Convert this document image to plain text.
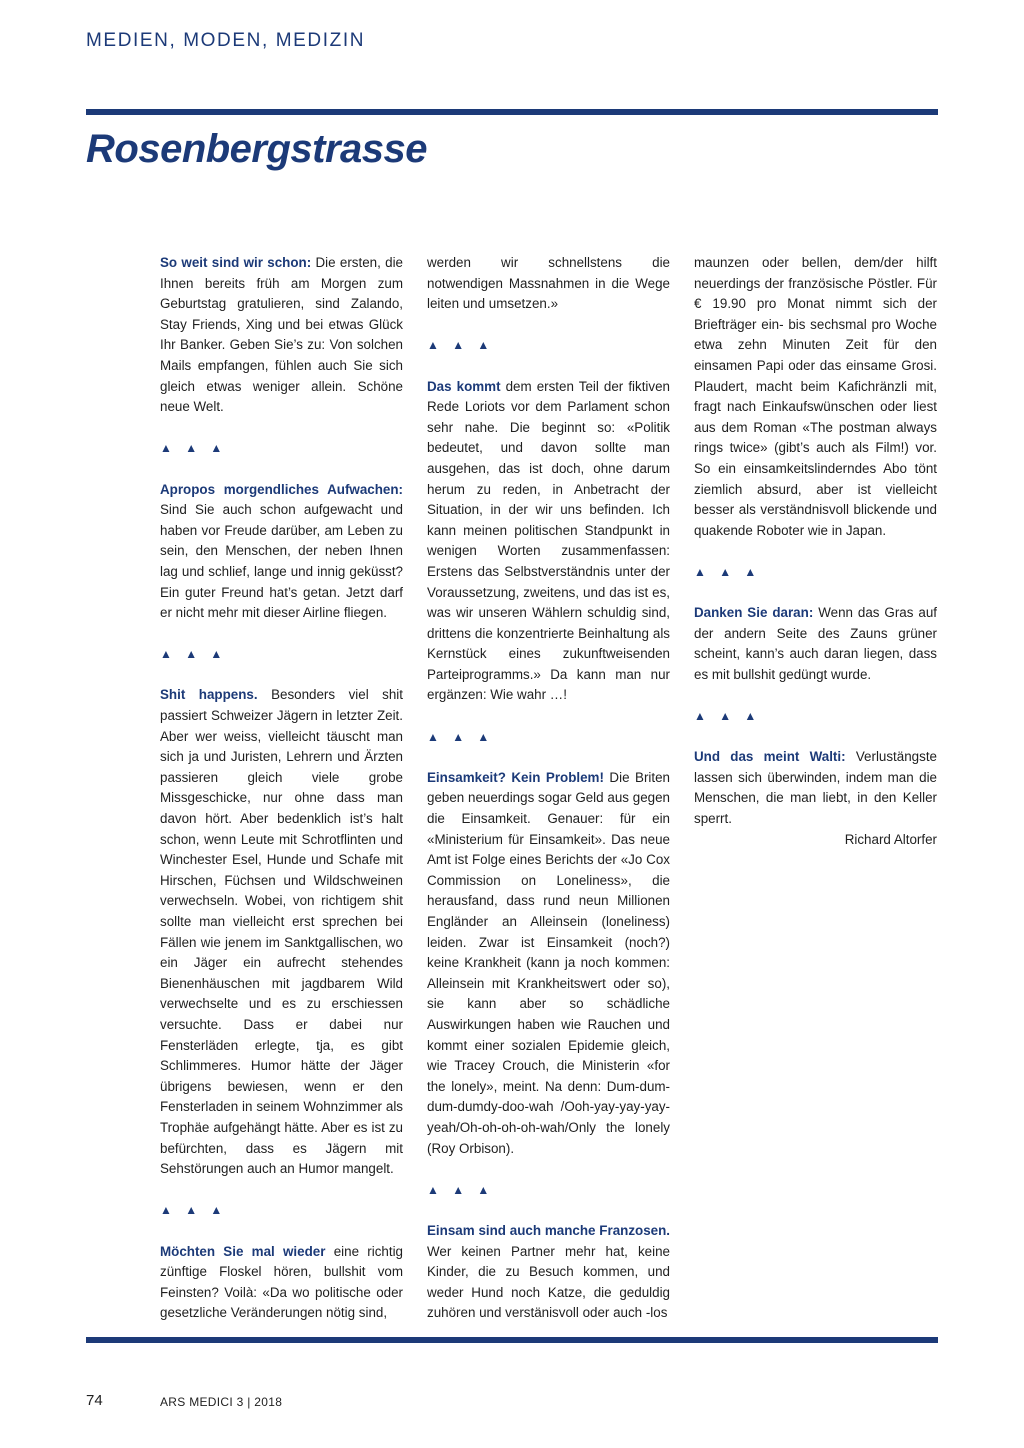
MEDIEN, MODEN, MEDIZIN
Rosenbergstrasse

So weit sind wir schon: Die ersten, die Ihnen bereits früh am Morgen zum Geburtstag gratulieren, sind Zalando, Stay Friends, Xing und bei etwas Glück Ihr Banker. Geben Sie’s zu: Von solchen Mails empfangen, fühlen auch Sie sich gleich etwas weniger allein. Schöne neue Welt.

▲ ▲ ▲

Apropos morgendliches Aufwachen: Sind Sie auch schon aufgewacht und haben vor Freude darüber, am Leben zu sein, den Menschen, der neben Ihnen lag und schlief, lange und innig geküsst? Ein guter Freund hat’s getan. Jetzt darf er nicht mehr mit dieser Airline fliegen.

▲ ▲ ▲

Shit happens. Besonders viel shit passiert Schweizer Jägern in letzter Zeit. Aber wer weiss, vielleicht täuscht man sich ja und Juristen, Lehrern und Ärzten passieren gleich viele grobe Missgeschicke, nur ohne dass man davon hört. Aber bedenklich ist’s halt schon, wenn Leute mit Schrotflinten und Winchester Esel, Hunde und Schafe mit Hirschen, Füchsen und Wildschweinen verwechseln. Wobei, von richtigem shit sollte man vielleicht erst sprechen bei Fällen wie jenem im Sanktgallischen, wo ein Jäger ein aufrecht stehendes Bienenhäuschen mit jagdbarem Wild verwechselte und es zu erschiessen versuchte. Dass er dabei nur Fensterläden erlegte, tja, es gibt Schlimmeres. Humor hätte der Jäger übrigens bewiesen, wenn er den Fensterladen in seinem Wohnzimmer als Trophäe aufgehängt hätte. Aber es ist zu befürchten, dass es Jägern mit Sehstörungen auch an Humor mangelt.

▲ ▲ ▲

Möchten Sie mal wieder eine richtig zünftige Floskel hören, bullshit vom Feinsten? Voilà: «Da wo politische oder gesetzliche Veränderungen nötig sind,

werden wir schnellstens die notwendigen Massnahmen in die Wege leiten und umsetzen.»

▲ ▲ ▲

Das kommt dem ersten Teil der fiktiven Rede Loriots vor dem Parlament schon sehr nahe. Die beginnt so: «Politik bedeutet, und davon sollte man ausgehen, das ist doch, ohne darum herum zu reden, in Anbetracht der Situation, in der wir uns befinden. Ich kann meinen politischen Standpunkt in wenigen Worten zusammenfassen: Erstens das Selbstverständnis unter der Voraussetzung, zweitens, und das ist es, was wir unseren Wählern schuldig sind, drittens die konzentrierte Beinhaltung als Kernstück eines zukunftweisenden Parteiprogramms.» Da kann man nur ergänzen: Wie wahr …!

▲ ▲ ▲

Einsamkeit? Kein Problem! Die Briten geben neuerdings sogar Geld aus gegen die Einsamkeit. Genauer: für ein «Ministerium für Einsamkeit». Das neue Amt ist Folge eines Berichts der «Jo Cox Commission on Loneliness», die herausfand, dass rund neun Millionen Engländer an Alleinsein (loneliness) leiden. Zwar ist Einsamkeit (noch?) keine Krankheit (kann ja noch kommen: Alleinsein mit Krankheitswert oder so), sie kann aber so schädliche Auswirkungen haben wie Rauchen und kommt einer sozialen Epidemie gleich, wie Tracey Crouch, die Ministerin «for the lonely», meint. Na denn: Dum-dum-dum-dumdy-doo-wah /Ooh-yay-yay-yay-yeah/Oh-oh-oh-oh-wah/Only the lonely (Roy Orbison).

▲ ▲ ▲

Einsam sind auch manche Franzosen. Wer keinen Partner mehr hat, keine Kinder, die zu Besuch kommen, und weder Hund noch Katze, die geduldig zuhören und verstänisvoll oder auch -los

maunzen oder bellen, dem/der hilft neuerdings der französische Pöstler. Für € 19.90 pro Monat nimmt sich der Briefträger ein- bis sechsmal pro Woche etwa zehn Minuten Zeit für den einsamen Papi oder das einsame Grosi. Plaudert, macht beim Kafichränzli mit, fragt nach Einkaufswünschen oder liest aus dem Roman «The postman always rings twice» (gibt’s auch als Film!) vor. So ein einsamkeitslinderndes Abo tönt ziemlich absurd, aber ist vielleicht besser als verständnisvoll blickende und quakende Roboter wie in Japan.

▲ ▲ ▲

Danken Sie daran: Wenn das Gras auf der andern Seite des Zauns grüner scheint, kann’s auch daran liegen, dass es mit bullshit gedüngt wurde.

▲ ▲ ▲

Und das meint Walti: Verlustängste lassen sich überwinden, indem man die Menschen, die man liebt, in den Keller sperrt.

Richard Altorfer

74	ARS MEDICI 3 | 2018
